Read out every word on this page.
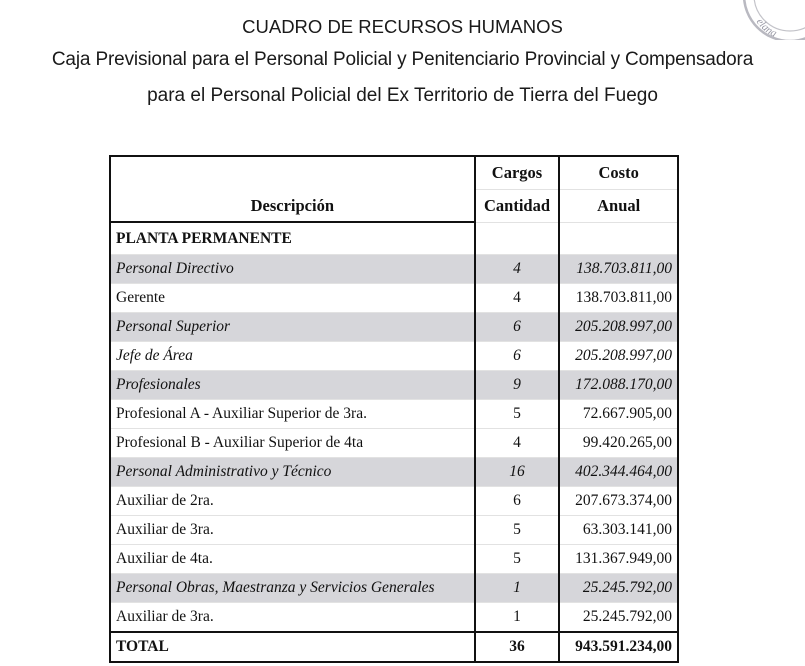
CUADRO DE RECURSOS HUMANOS
Caja Previsional para el Personal Policial y Penitenciario Provincial y Compensadora
para el Personal Policial del Ex Territorio de Tierra del Fuego
elana
Descripción	Cargos	Costo
	Cantidad	Anual
PLANTA PERMANENTE		
Personal Directivo	4	138.703.811,00
Gerente	4	138.703.811,00
Personal Superior	6	205.208.997,00
Jefe de Área	6	205.208.997,00
Profesionales	9	172.088.170,00
Profesional A - Auxiliar Superior de 3ra.	5	72.667.905,00
Profesional B - Auxiliar Superior de 4ta	4	99.420.265,00
Personal Administrativo y Técnico	16	402.344.464,00
Auxiliar de 2ra.	6	207.673.374,00
Auxiliar de 3ra.	5	63.303.141,00
Auxiliar de 4ta.	5	131.367.949,00
Personal Obras, Maestranza y Servicios Generales	1	25.245.792,00
Auxiliar de 3ra.	1	25.245.792,00
TOTAL	36	943.591.234,00
